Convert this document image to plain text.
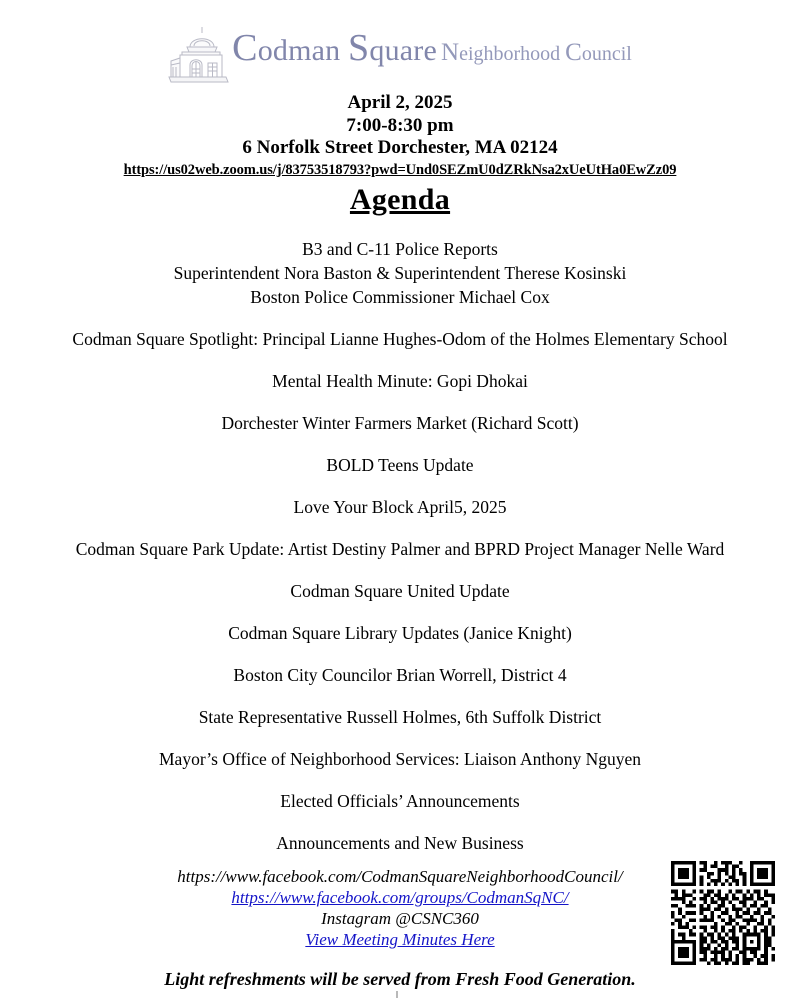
Codman Square Neighborhood Council
April 2, 2025
7:00-8:30 pm
6 Norfolk Street Dorchester, MA 02124
https://us02web.zoom.us/j/83753518793?pwd=Und0SEZmU0dZRkNsa2xUeUtHa0EwZz09
Agenda
B3 and C-11 Police Reports
Superintendent Nora Baston & Superintendent Therese Kosinski
Boston Police Commissioner Michael Cox
Codman Square Spotlight: Principal Lianne Hughes-Odom of the Holmes Elementary School
Mental Health Minute: Gopi Dhokai
Dorchester Winter Farmers Market (Richard Scott)
BOLD Teens Update
Love Your Block April5, 2025
Codman Square Park Update: Artist Destiny Palmer and BPRD Project Manager Nelle Ward
Codman Square United Update
Codman Square Library Updates (Janice Knight)
Boston City Councilor Brian Worrell, District 4
State Representative Russell Holmes, 6th Suffolk District
Mayor’s Office of Neighborhood Services: Liaison Anthony Nguyen
Elected Officials’ Announcements
Announcements and New Business
https://www.facebook.com/CodmanSquareNeighborhoodCouncil/
https://www.facebook.com/groups/CodmanSqNC/
Instagram @CSNC360
View Meeting Minutes Here
Light refreshments will be served from Fresh Food Generation.
